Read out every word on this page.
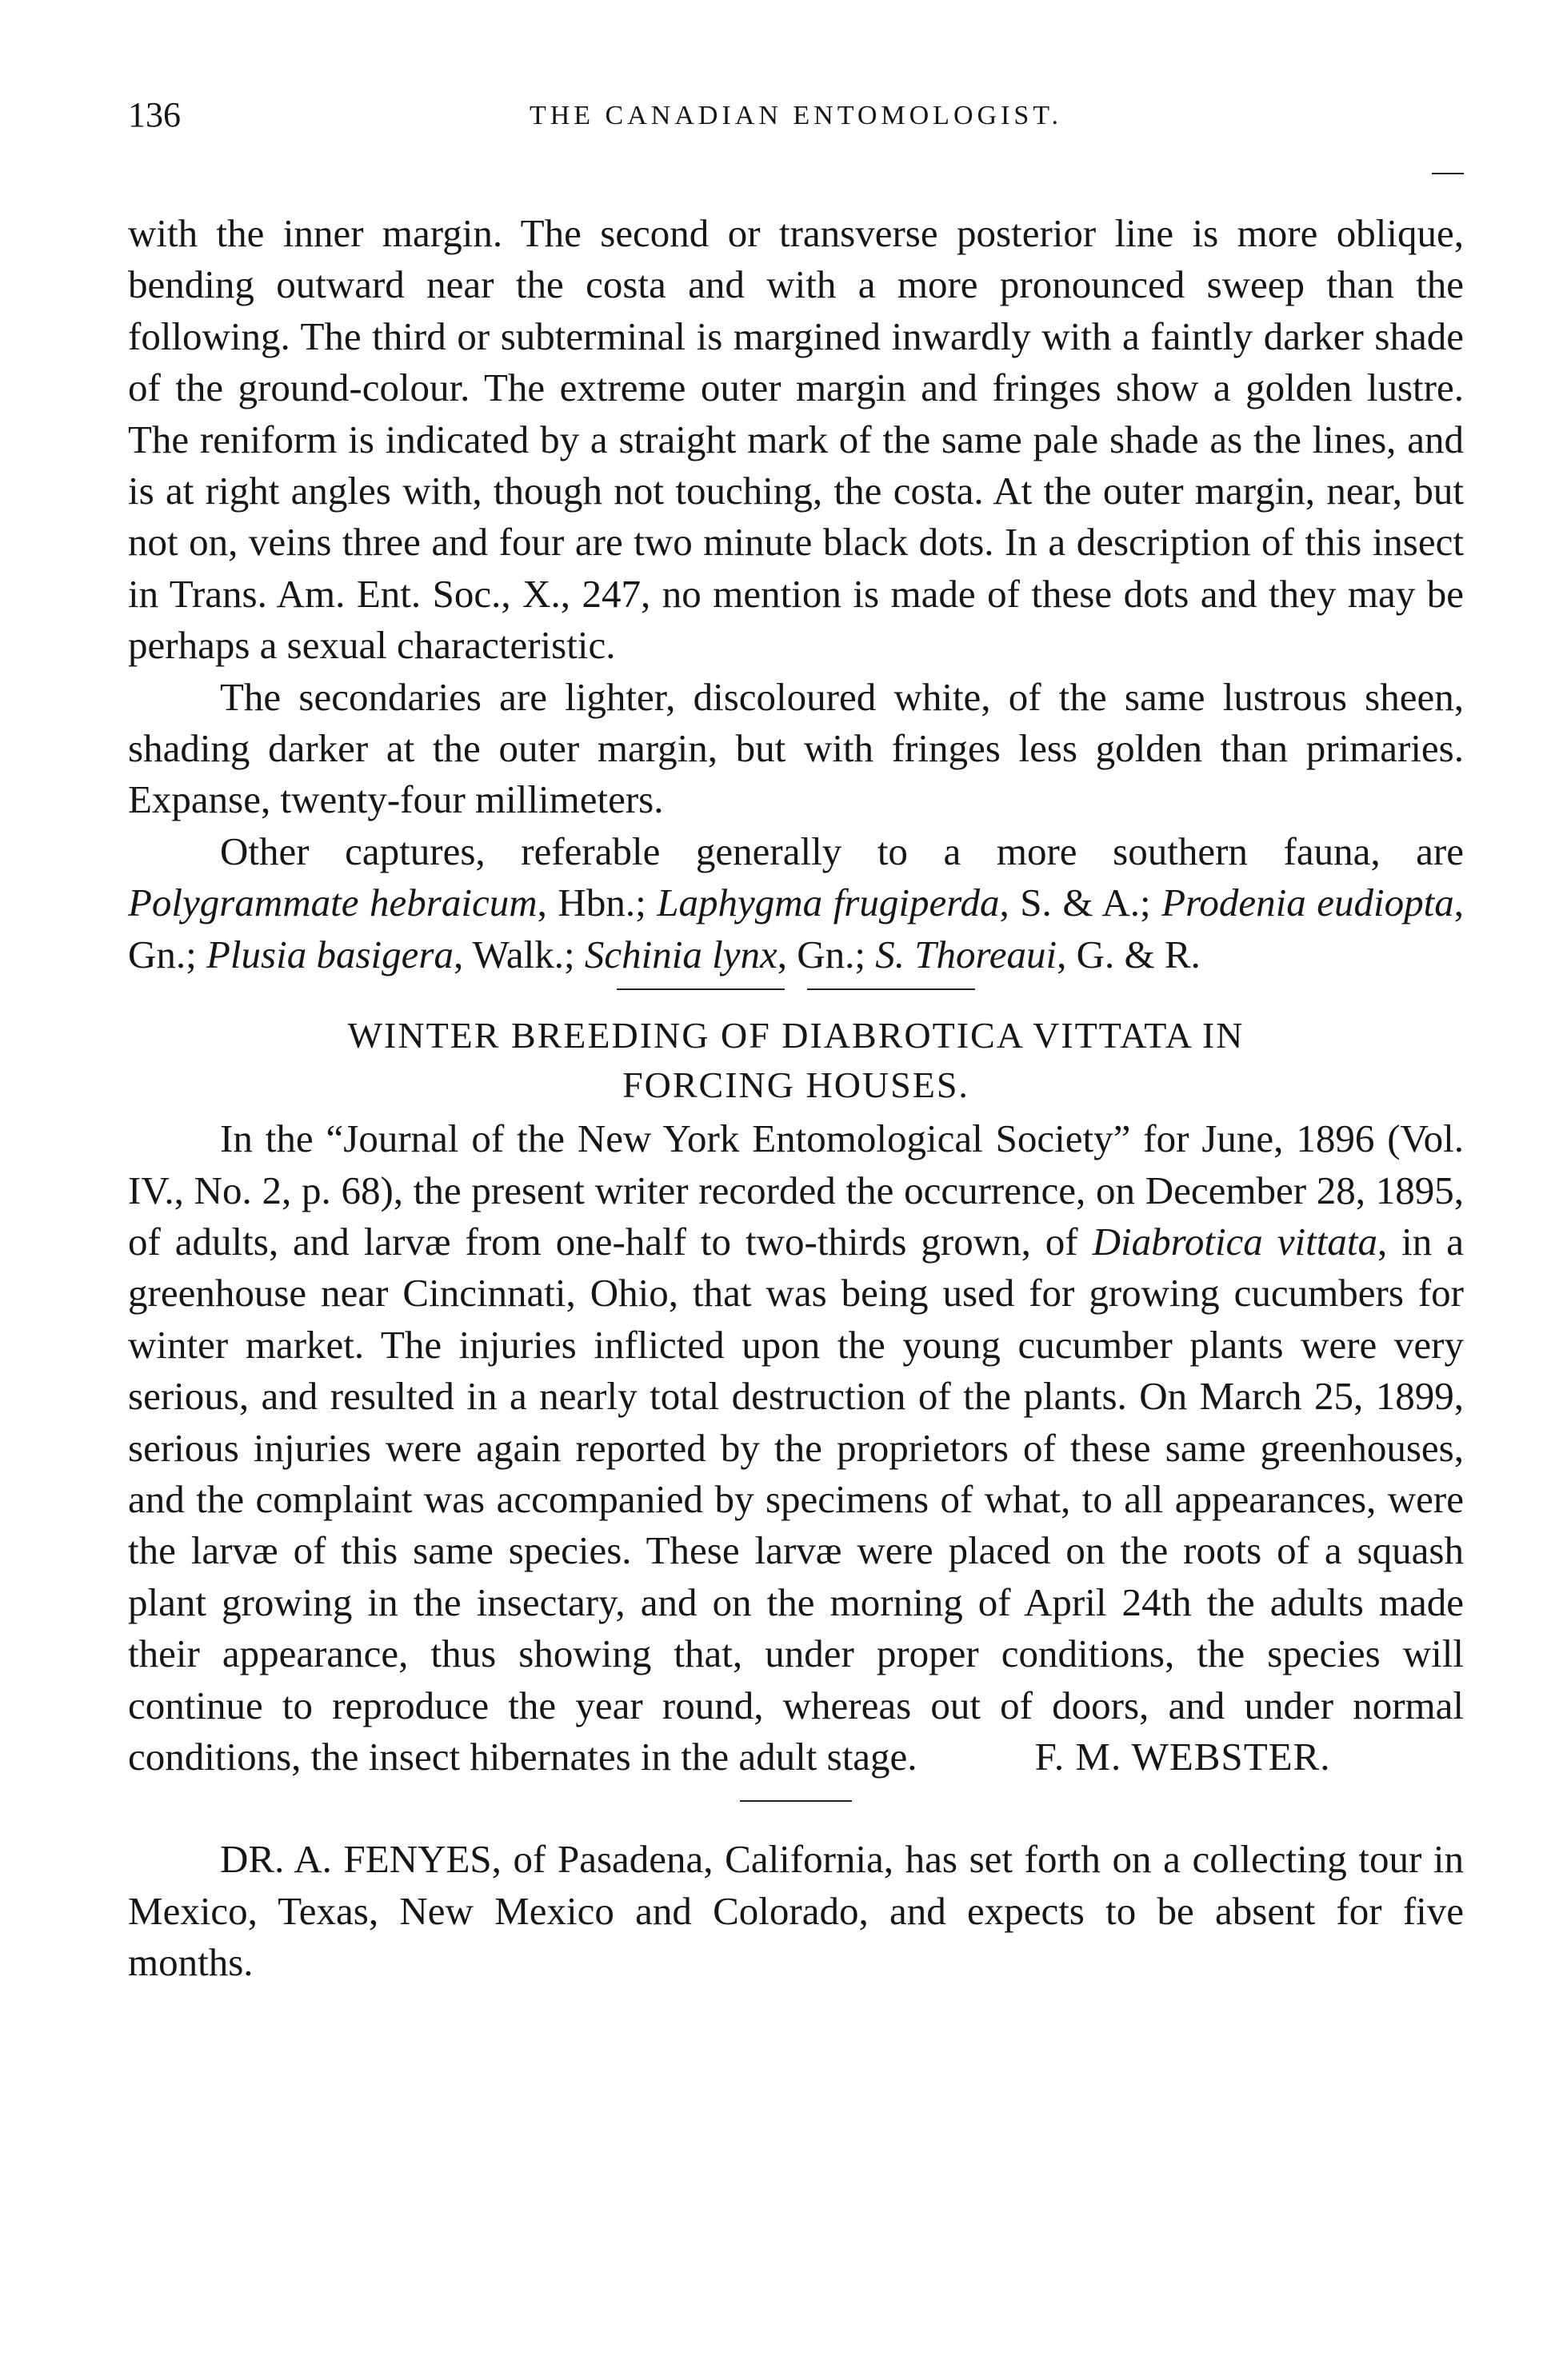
136	THE CANADIAN ENTOMOLOGIST.

with the inner margin. The second or transverse posterior line is more oblique, bending outward near the costa and with a more pronounced sweep than the following. The third or subterminal is margined inwardly with a faintly darker shade of the ground-colour. The extreme outer margin and fringes show a golden lustre. The reniform is indicated by a straight mark of the same pale shade as the lines, and is at right angles with, though not touching, the costa. At the outer margin, near, but not on, veins three and four are two minute black dots. In a description of this insect in Trans. Am. Ent. Soc., X., 247, no mention is made of these dots and they may be perhaps a sexual characteristic.

The secondaries are lighter, discoloured white, of the same lustrous sheen, shading darker at the outer margin, but with fringes less golden than primaries. Expanse, twenty-four millimeters.

Other captures, referable generally to a more southern fauna, are Polygrammate hebraicum, Hbn.; Laphygma frugiperda, S. & A.; Prodenia eudiopta, Gn.; Plusia basigera, Walk.; Schinia lynx, Gn.; S. Thoreaui, G. & R.

WINTER BREEDING OF DIABROTICA VITTATA IN
FORCING HOUSES.

In the “Journal of the New York Entomological Society” for June, 1896 (Vol. IV., No. 2, p. 68), the present writer recorded the occurrence, on December 28, 1895, of adults, and larvæ from one-half to two-thirds grown, of Diabrotica vittata, in a greenhouse near Cincinnati, Ohio, that was being used for growing cucumbers for winter market. The injuries inflicted upon the young cucumber plants were very serious, and resulted in a nearly total destruction of the plants. On March 25, 1899, serious injuries were again reported by the proprietors of these same greenhouses, and the complaint was accompanied by specimens of what, to all appearances, were the larvæ of this same species. These larvæ were placed on the roots of a squash plant growing in the insectary, and on the morning of April 24th the adults made their appearance, thus showing that, under proper conditions, the species will continue to reproduce the year round, whereas out of doors, and under normal conditions, the insect hibernates in the adult stage.   	F. M. WEBSTER.

DR. A. FENYES, of Pasadena, California, has set forth on a collecting tour in Mexico, Texas, New Mexico and Colorado, and expects to be absent for five months.
